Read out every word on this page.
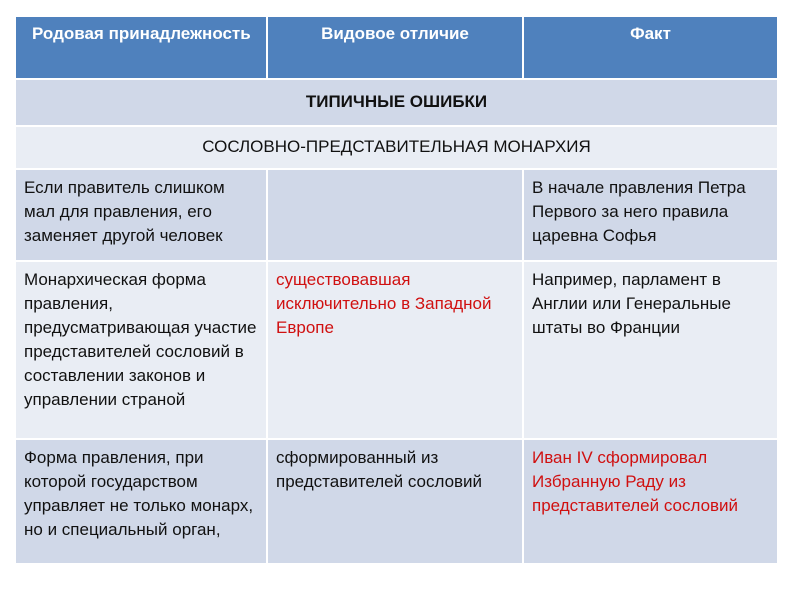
Родовая принадлежность	Видовое отличие	Факт
ТИПИЧНЫЕ ОШИБКИ		
СОСЛОВНО-ПРЕДСТАВИТЕЛЬНАЯ МОНАРХИЯ		
Если правитель слишком мал для правления, его заменяет другой человек		В начале правления Петра Первого за него правила царевна Софья
Монархическая форма правления, предусматривающая участие представителей сословий в составлении законов и управлении страной	существовавшая исключительно в Западной Европе	Например, парламент в Англии или Генеральные штаты во Франции
Форма правления, при которой государством управляет не только монарх, но и специальный орган,	сформированный из представителей сословий	Иван IV сформировал Избранную Раду из представителей сословий
